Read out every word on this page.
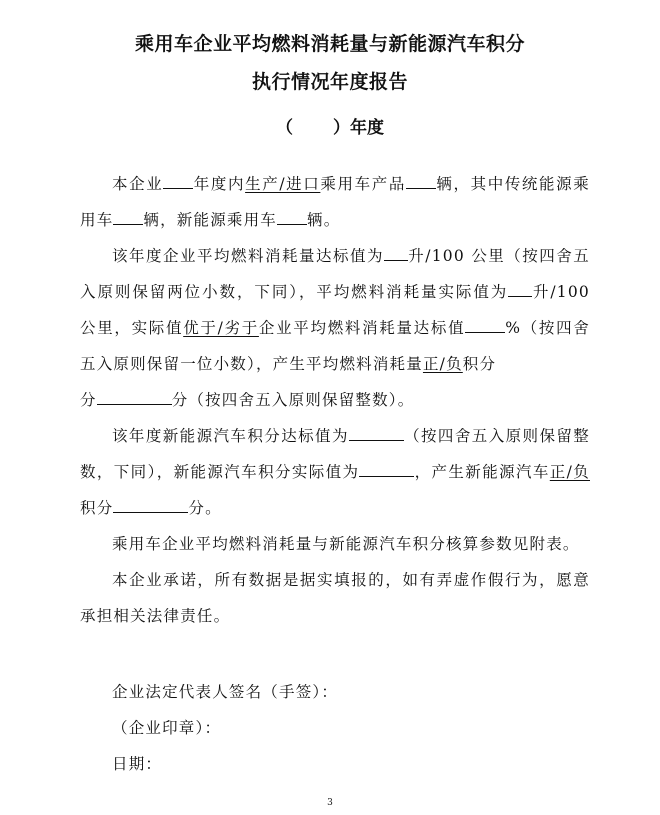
乘用车企业平均燃料消耗量与新能源汽车积分
执行情况年度报告
（ ）年度

本企业 年度内生产/进口乘用车产品 辆，其中传统能源乘用车 辆，新能源乘用车 辆。

该年度企业平均燃料消耗量达标值为 升/100 公里（按四舍五入原则保留两位小数，下同），平均燃料消耗量实际值为 升/100 公里，实际值优于/劣于企业平均燃料消耗量达标值	%（按四舍五入原则保留一位小数），产生平均燃料消耗量正/负积分
分	分（按四舍五入原则保留整数）。

该年度新能源汽车积分达标值为	（按四舍五入原则保留整数，下同），新能源汽车积分实际值为	，产生新能源汽车正/负积分	分。

乘用车企业平均燃料消耗量与新能源汽车积分核算参数见附表。

本企业承诺，所有数据是据实填报的，如有弄虚作假行为，愿意承担相关法律责任。

企业法定代表人签名（手签）：
（企业印章）：
日期：
3
